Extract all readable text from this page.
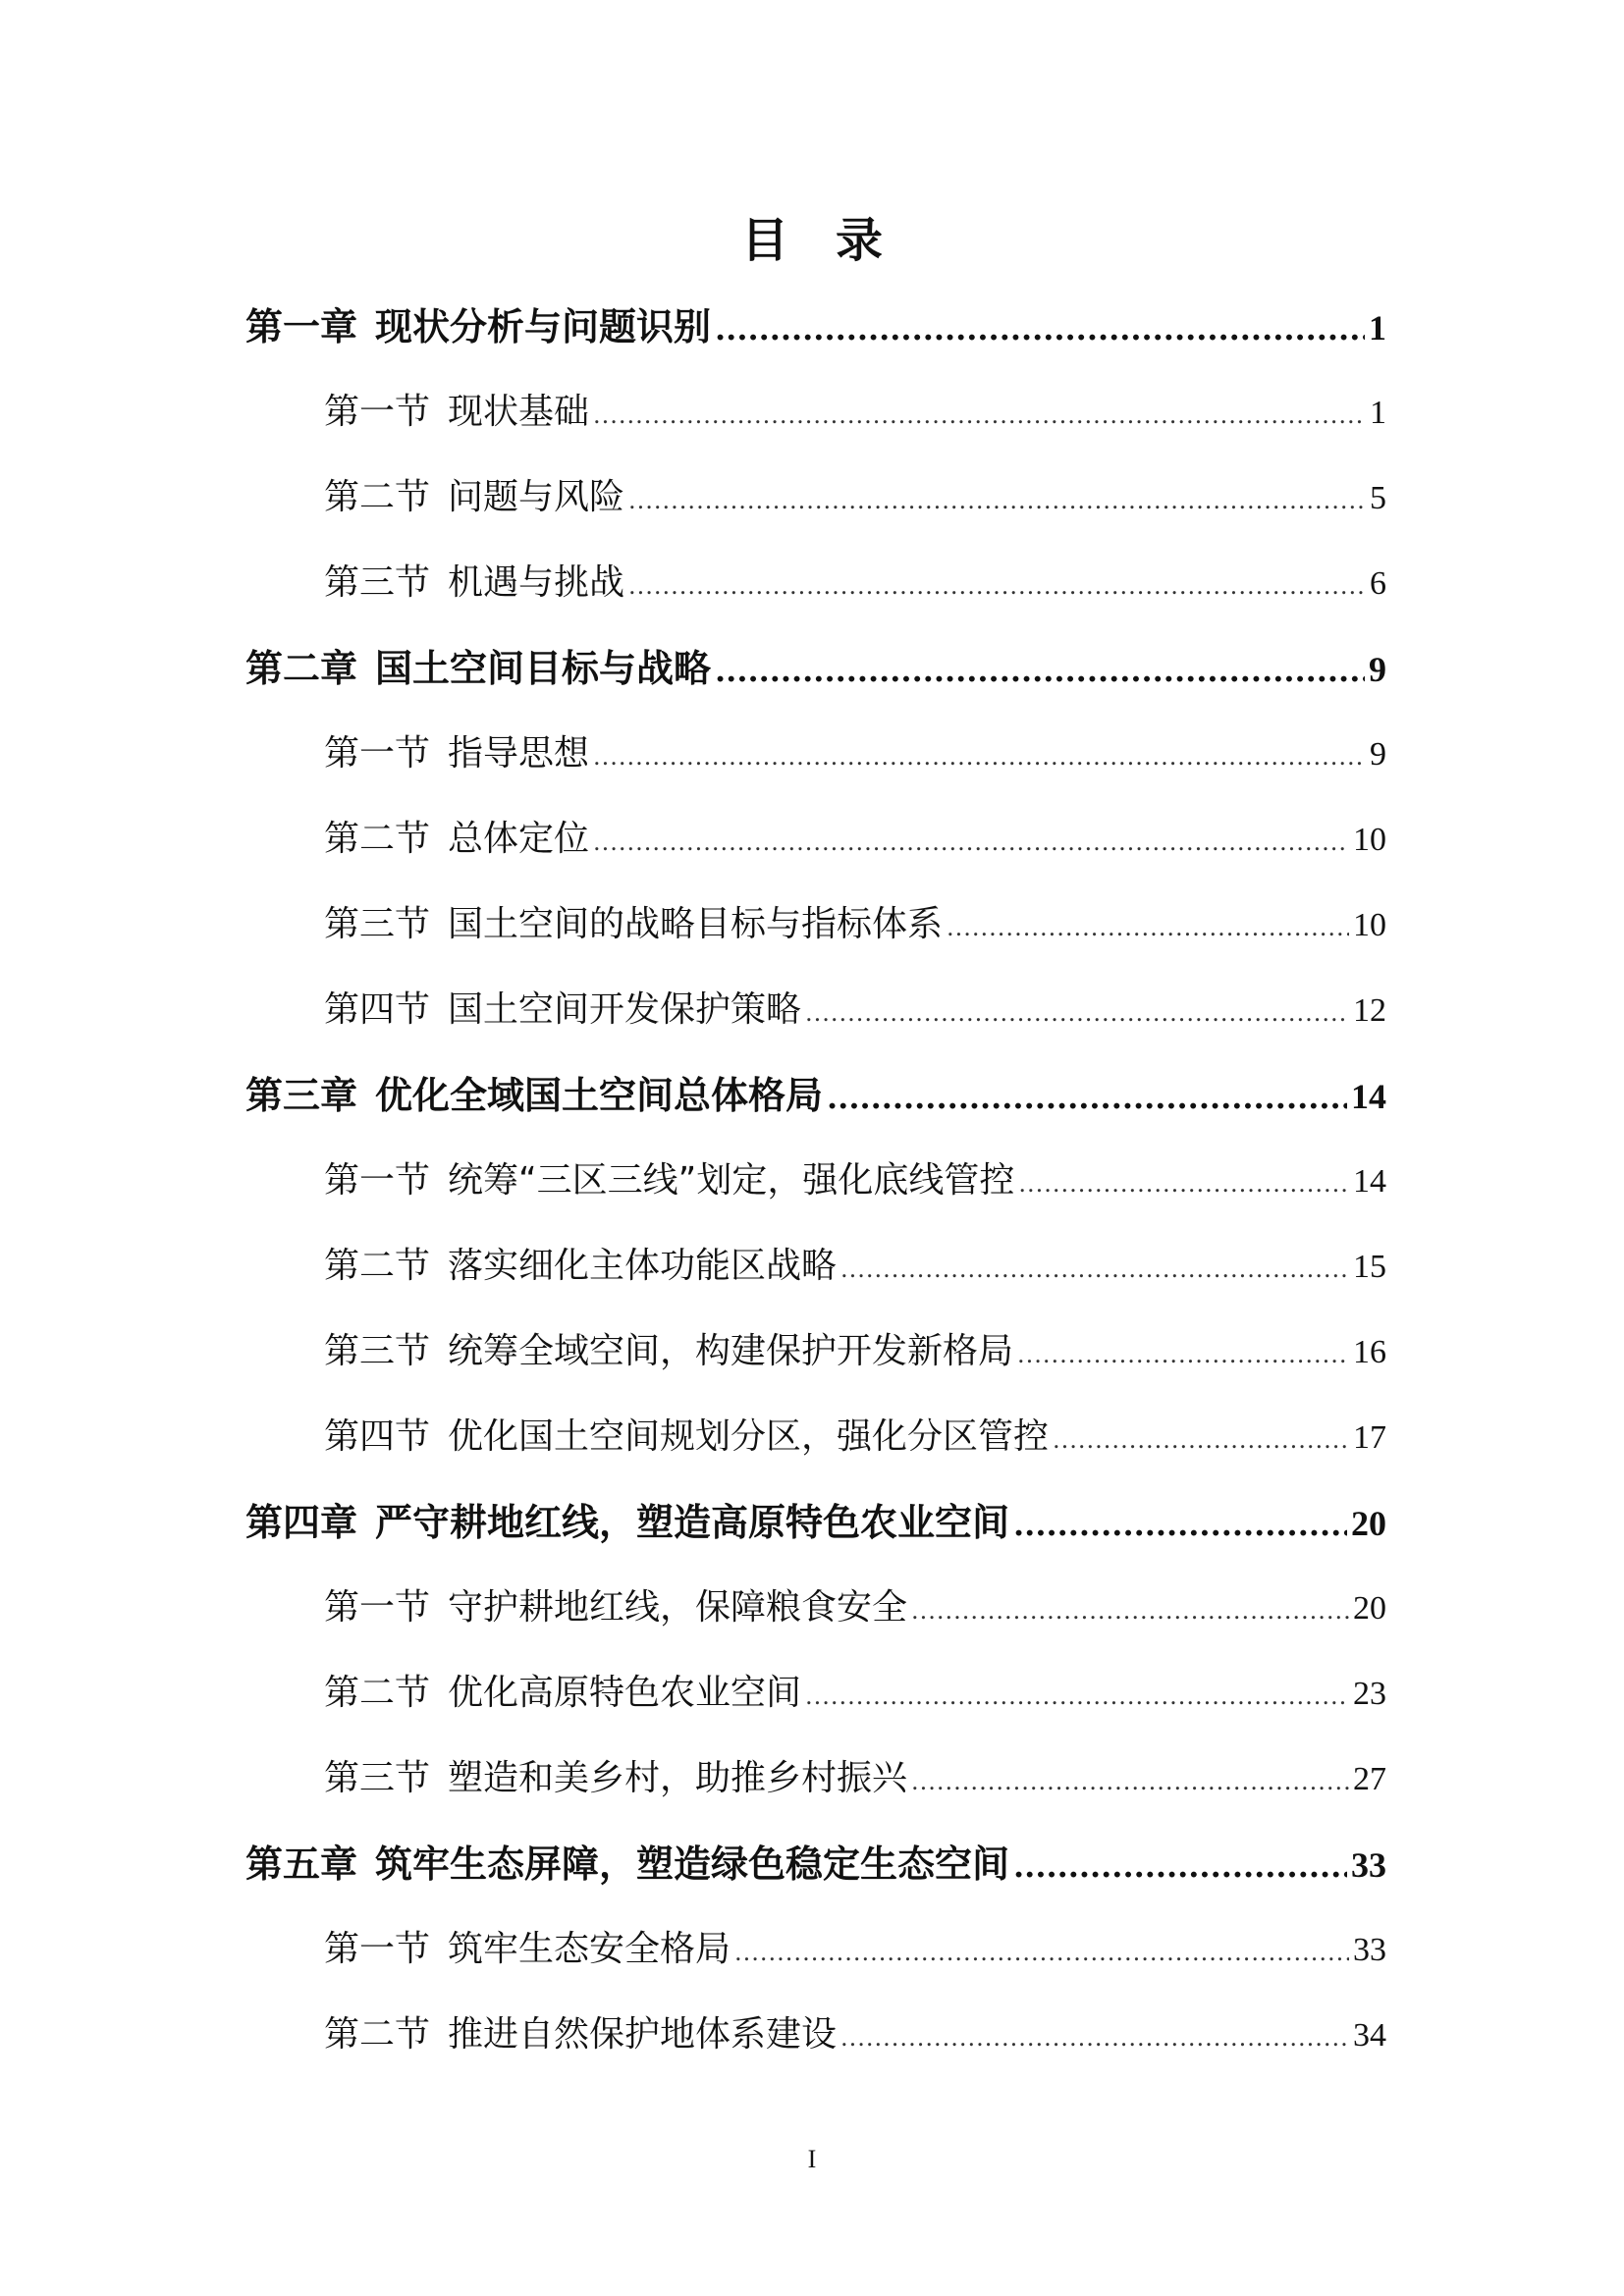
目 录
第一章 现状分析与问题识别 .....	1
第一节 现状基础 .....	1
第二节 问题与风险 .....	5
第三节 机遇与挑战 .....	6
第二章 国土空间目标与战略 .....	9
第一节 指导思想 .....	9
第二节 总体定位 .....	10
第三节 国土空间的战略目标与指标体系 .....	10
第四节 国土空间开发保护策略 .....	12
第三章 优化全域国土空间总体格局 .....	14
第一节 统筹“三区三线”划定，强化底线管控 .....	14
第二节 落实细化主体功能区战略 .....	15
第三节 统筹全域空间，构建保护开发新格局 .....	16
第四节 优化国土空间规划分区，强化分区管控 .....	17
第四章 严守耕地红线，塑造高原特色农业空间 .....	20
第一节 守护耕地红线，保障粮食安全 .....	20
第二节 优化高原特色农业空间 .....	23
第三节 塑造和美乡村，助推乡村振兴 .....	27
第五章 筑牢生态屏障，塑造绿色稳定生态空间 .....	33
第一节 筑牢生态安全格局 .....	33
第二节 推进自然保护地体系建设 .....	34
I
